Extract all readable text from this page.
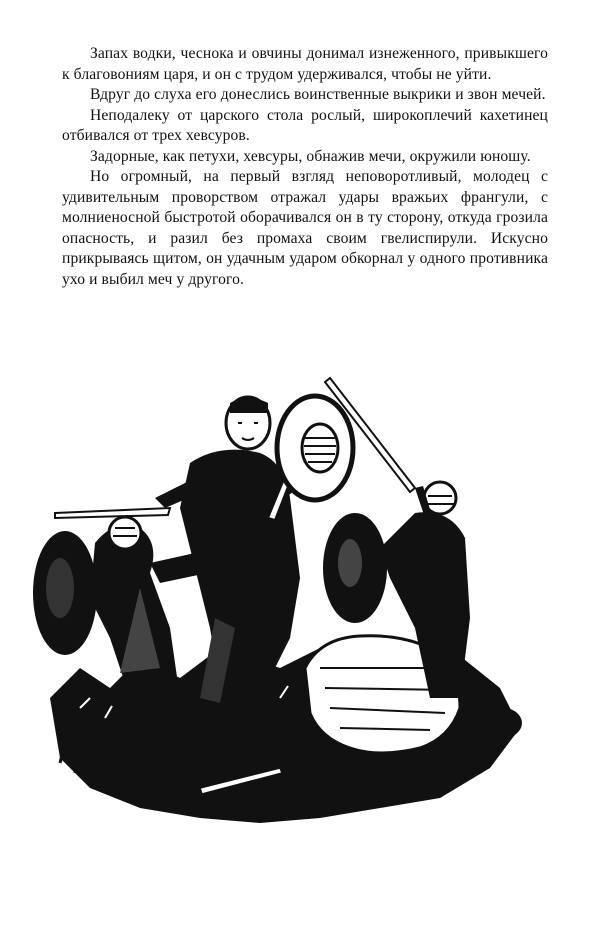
Запах водки, чеснока и овчины донимал изнеженного, привыкшего к благовониям царя, и он с трудом удерживался, чтобы не уйти.

Вдруг до слуха его донеслись воинственные выкрики и звон мечей.

Неподалеку от царского стола рослый, широкоплечий кахетинец отбивался от трех хевсуров.

Задорные, как петухи, хевсуры, обнажив мечи, окружили юношу.

Но огромный, на первый взгляд неповоротливый, молодец с удивительным проворством отражал удары вражьих франгули, с молниеносной быстротой оборачивался он в ту сторону, откуда грозила опасность, и разил без промаха своим гвелиспирули. Искусно прикрываясь щитом, он удачным ударом обкорнал у одного противника ухо и выбил меч у другого.
